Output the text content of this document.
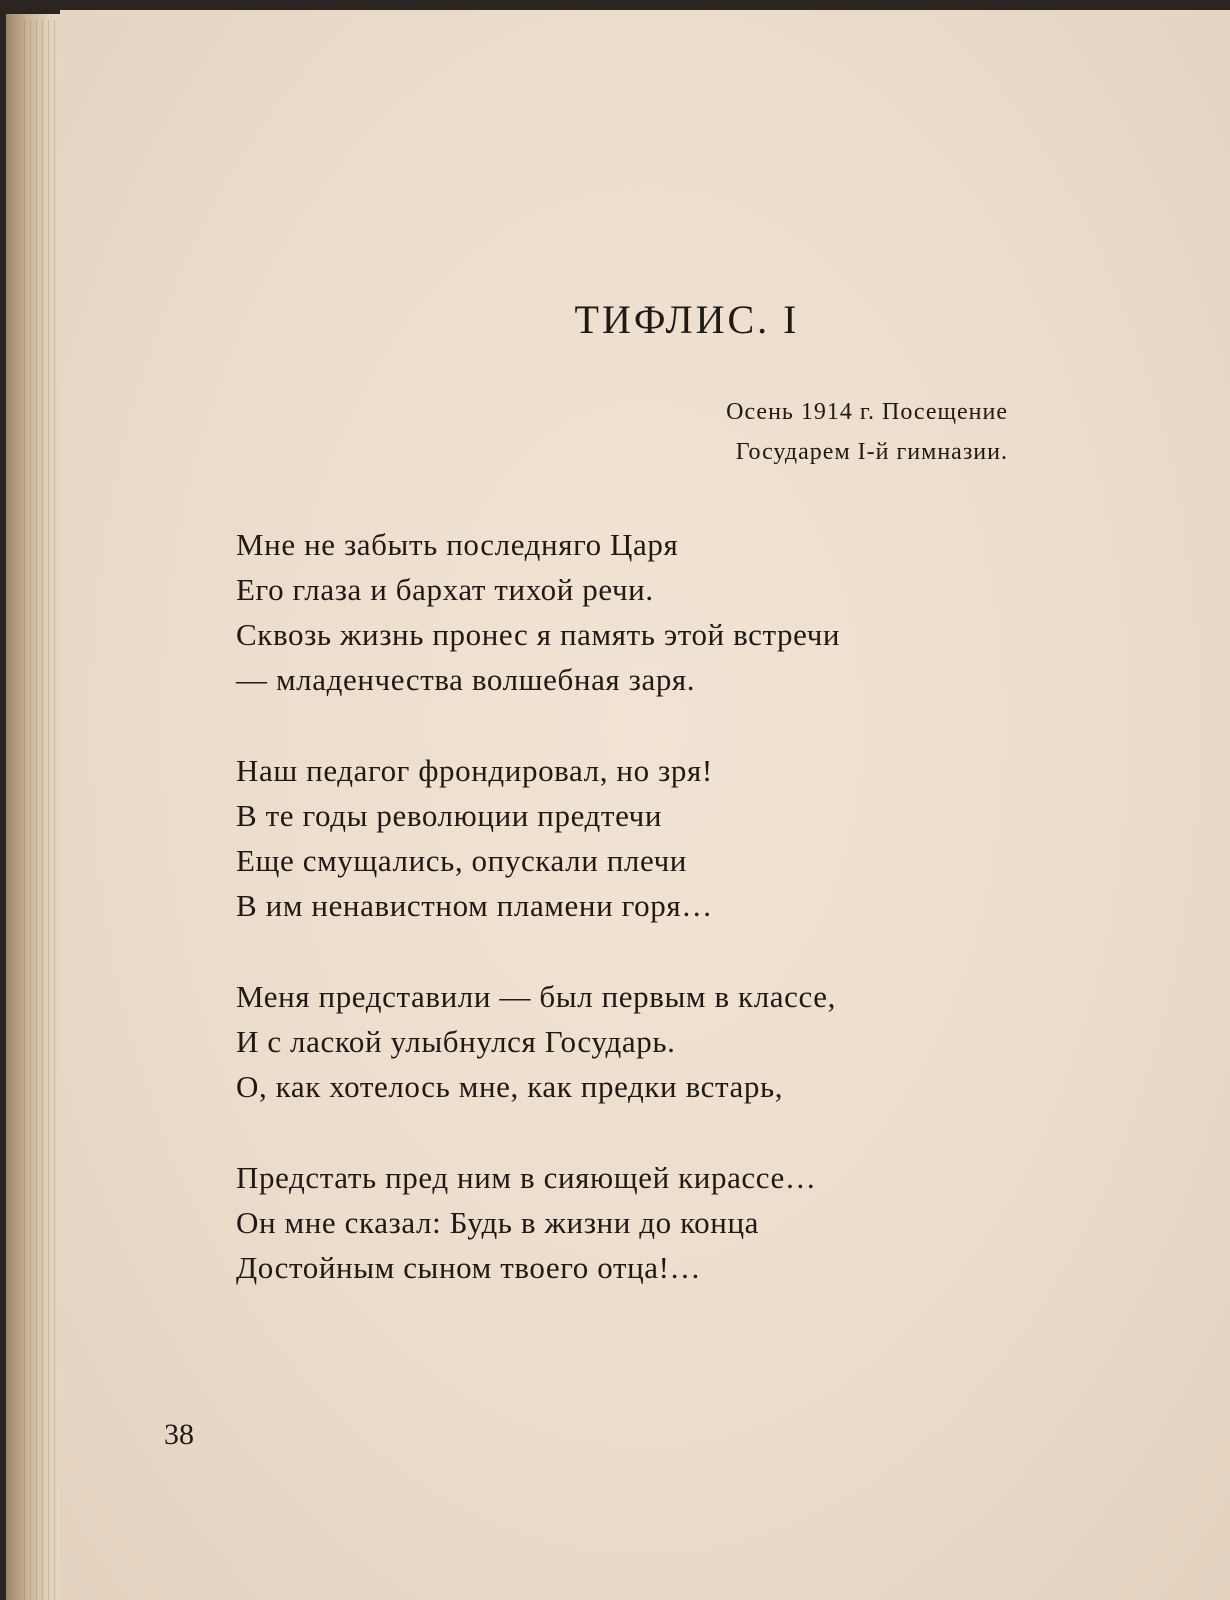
ТИФЛИС. I
Осень 1914 г. Посещение
Государем I-й гимназии.
Мне не забыть последняго Царя
Его глаза и бархат тихой речи.
Сквозь жизнь пронес я память этой встречи
— младенчества волшебная заря.
Наш педагог фрондировал, но зря!
В те годы революции предтечи
Еще смущались, опускали плечи
В им ненавистном пламени горя…
Меня представили — был первым в классе,
И с лаской улыбнулся Государь.
О, как хотелось мне, как предки встарь,
Предстать пред ним в сияющей кирассе…
Он мне сказал: Будь в жизни до конца
Достойным сыном твоего отца!…
38
